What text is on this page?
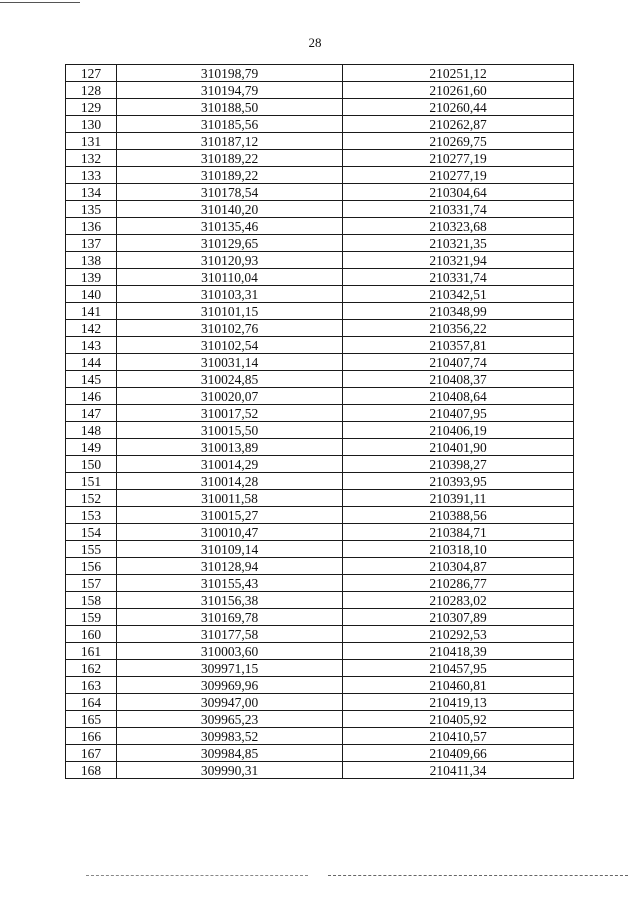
28
127	310198,79	210251,12
128	310194,79	210261,60
129	310188,50	210260,44
130	310185,56	210262,87
131	310187,12	210269,75
132	310189,22	210277,19
133	310189,22	210277,19
134	310178,54	210304,64
135	310140,20	210331,74
136	310135,46	210323,68
137	310129,65	210321,35
138	310120,93	210321,94
139	310110,04	210331,74
140	310103,31	210342,51
141	310101,15	210348,99
142	310102,76	210356,22
143	310102,54	210357,81
144	310031,14	210407,74
145	310024,85	210408,37
146	310020,07	210408,64
147	310017,52	210407,95
148	310015,50	210406,19
149	310013,89	210401,90
150	310014,29	210398,27
151	310014,28	210393,95
152	310011,58	210391,11
153	310015,27	210388,56
154	310010,47	210384,71
155	310109,14	210318,10
156	310128,94	210304,87
157	310155,43	210286,77
158	310156,38	210283,02
159	310169,78	210307,89
160	310177,58	210292,53
161	310003,60	210418,39
162	309971,15	210457,95
163	309969,96	210460,81
164	309947,00	210419,13
165	309965,23	210405,92
166	309983,52	210410,57
167	309984,85	210409,66
168	309990,31	210411,34
